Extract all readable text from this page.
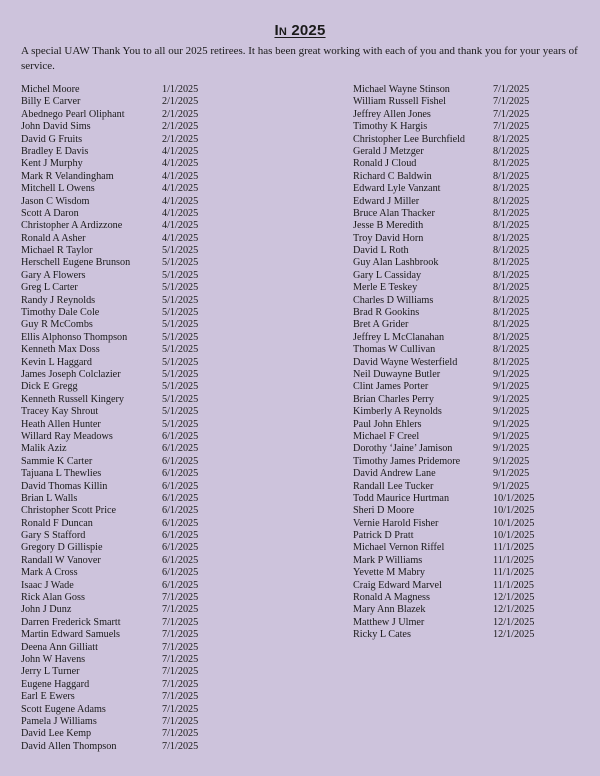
In 2025

A special UAW Thank You to all our 2025 retirees. It has been great working with each of you and thank you for your years of service.

Michel Moore	1/1/2025
Billy E Carver	2/1/2025
Abednego Pearl Oliphant	2/1/2025
John David Sims	2/1/2025
David G Fruits	2/1/2025
Bradley E Davis	4/1/2025
Kent J Murphy	4/1/2025
Mark R Velandingham	4/1/2025
Mitchell L Owens	4/1/2025
Jason C Wisdom	4/1/2025
Scott A Daron	4/1/2025
Christopher A Ardizzone	4/1/2025
Ronald A Asher	4/1/2025
Michael R Taylor	5/1/2025
Herschell Eugene Brunson	5/1/2025
Gary A Flowers	5/1/2025
Greg L Carter	5/1/2025
Randy J Reynolds	5/1/2025
Timothy Dale Cole	5/1/2025
Guy R McCombs	5/1/2025
Ellis Alphonso Thompson	5/1/2025
Kenneth Max Doss	5/1/2025
Kevin L Haggard	5/1/2025
James Joseph Colclazier	5/1/2025
Dick E Gregg	5/1/2025
Kenneth Russell Kingery	5/1/2025
Tracey Kay Shrout	5/1/2025
Heath Allen Hunter	5/1/2025
Willard Ray Meadows	6/1/2025
Malik Aziz	6/1/2025
Sammie K Carter	6/1/2025
Tajuana L Thewlies	6/1/2025
David Thomas Killin	6/1/2025
Brian L Walls	6/1/2025
Christopher Scott Price	6/1/2025
Ronald F Duncan	6/1/2025
Gary S Stafford	6/1/2025
Gregory D Gillispie	6/1/2025
Randall W Vanover	6/1/2025
Mark A Cross	6/1/2025
Isaac J Wade	6/1/2025
Rick Alan Goss	7/1/2025
John J Dunz	7/1/2025
Darren Frederick Smartt	7/1/2025
Martin Edward Samuels	7/1/2025
Deena Ann Gilliatt	7/1/2025
John W Havens	7/1/2025
Jerry L Turner	7/1/2025
Eugene Haggard	7/1/2025
Earl E Ewers	7/1/2025
Scott Eugene Adams	7/1/2025
Pamela J Williams	7/1/2025
David Lee Kemp	7/1/2025
David Allen Thompson	7/1/2025
Michael Wayne Stinson	7/1/2025
William Russell Fishel	7/1/2025
Jeffrey Allen Jones	7/1/2025
Timothy K Hargis	7/1/2025
Christopher Lee Burchfield	8/1/2025
Gerald J Metzger	8/1/2025
Ronald J Cloud	8/1/2025
Richard C Baldwin	8/1/2025
Edward Lyle Vanzant	8/1/2025
Edward J Miller	8/1/2025
Bruce Alan Thacker	8/1/2025
Jesse B Meredith	8/1/2025
Troy David Horn	8/1/2025
David L Roth	8/1/2025
Guy Alan Lashbrook	8/1/2025
Gary L Cassiday	8/1/2025
Merle E Teskey	8/1/2025
Charles D Williams	8/1/2025
Brad R Gookins	8/1/2025
Bret A Grider	8/1/2025
Jeffrey L McClanahan	8/1/2025
Thomas W Cullivan	8/1/2025
David Wayne Westerfield	8/1/2025
Neil Duwayne Butler	9/1/2025
Clint James Porter	9/1/2025
Brian Charles Perry	9/1/2025
Kimberly A Reynolds	9/1/2025
Paul John Ehlers	9/1/2025
Michael F Creel	9/1/2025
Dorothy ‘Jaine’ Jamison	9/1/2025
Timothy James Pridemore	9/1/2025
David Andrew Lane	9/1/2025
Randall Lee Tucker	9/1/2025
Todd Maurice Hurtman	10/1/2025
Sheri D Moore	10/1/2025
Vernie Harold Fisher	10/1/2025
Patrick D Pratt	10/1/2025
Michael Vernon Riffel	11/1/2025
Mark P Williams	11/1/2025
Yevette M Mabry	11/1/2025
Craig Edward Marvel	11/1/2025
Ronald A Magness	12/1/2025
Mary Ann Blazek	12/1/2025
Matthew J Ulmer	12/1/2025
Ricky L Cates	12/1/2025
